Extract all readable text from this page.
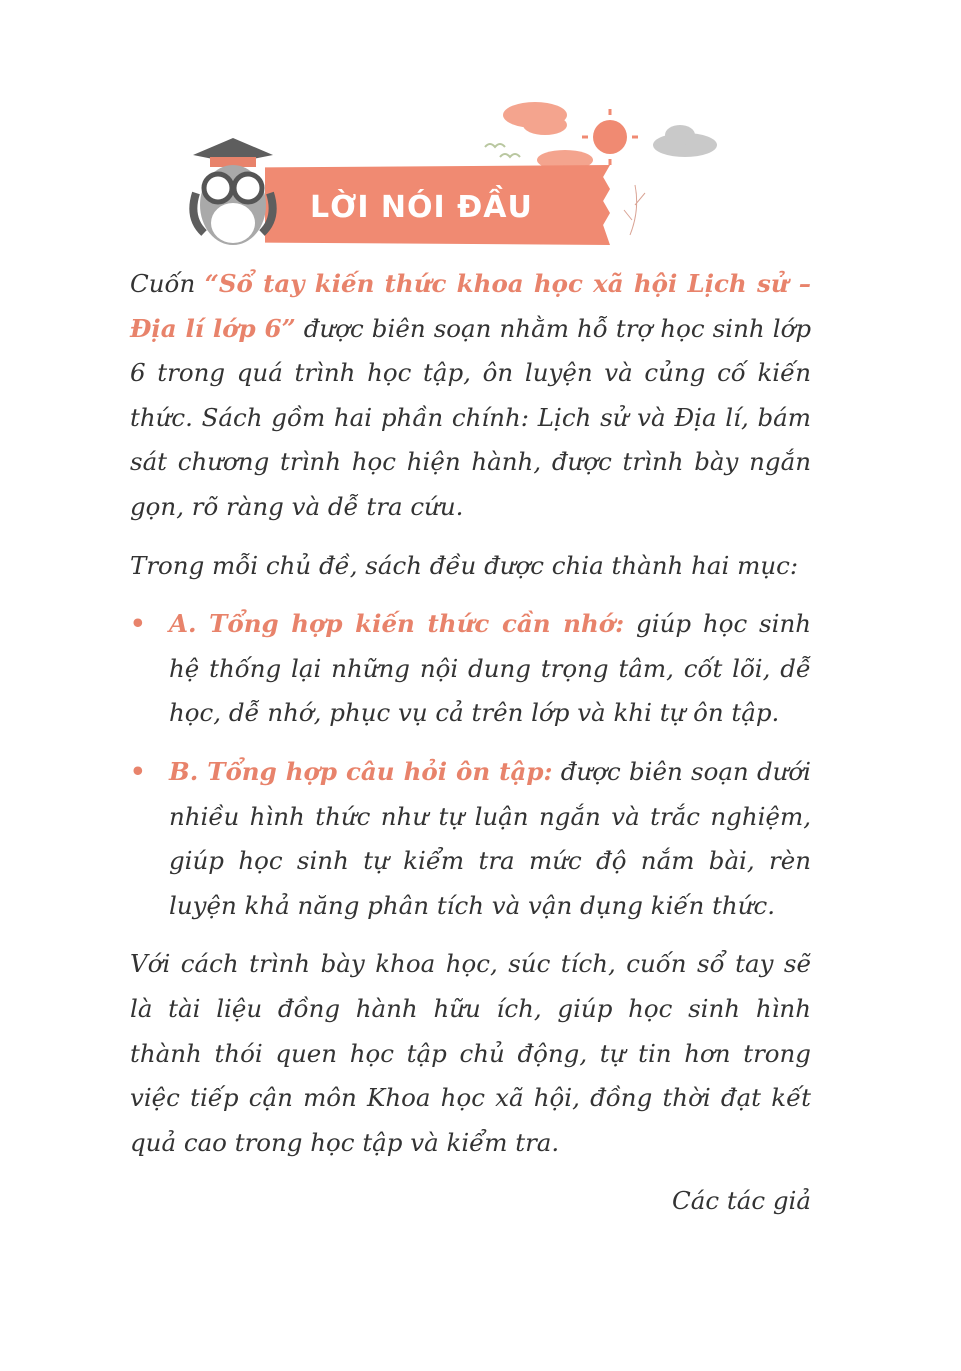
LỜI NÓI ĐẦU

Cuốn “Sổ tay kiến thức khoa học xã hội Lịch sử – Địa lí lớp 6” được biên soạn nhằm hỗ trợ học sinh lớp 6 trong quá trình học tập, ôn luyện và củng cố kiến thức. Sách gồm hai phần chính: Lịch sử và Địa lí, bám sát chương trình học hiện hành, được trình bày ngắn gọn, rõ ràng và dễ tra cứu.

Trong mỗi chủ đề, sách đều được chia thành hai mục:

• A. Tổng hợp kiến thức cần nhớ: giúp học sinh hệ thống lại những nội dung trọng tâm, cốt lõi, dễ học, dễ nhớ, phục vụ cả trên lớp và khi tự ôn tập.
• B. Tổng hợp câu hỏi ôn tập: được biên soạn dưới nhiều hình thức như tự luận ngắn và trắc nghiệm, giúp học sinh tự kiểm tra mức độ nắm bài, rèn luyện khả năng phân tích và vận dụng kiến thức.

Với cách trình bày khoa học, súc tích, cuốn sổ tay sẽ là tài liệu đồng hành hữu ích, giúp học sinh hình thành thói quen học tập chủ động, tự tin hơn trong việc tiếp cận môn Khoa học xã hội, đồng thời đạt kết quả cao trong học tập và kiểm tra.

Các tác giả
